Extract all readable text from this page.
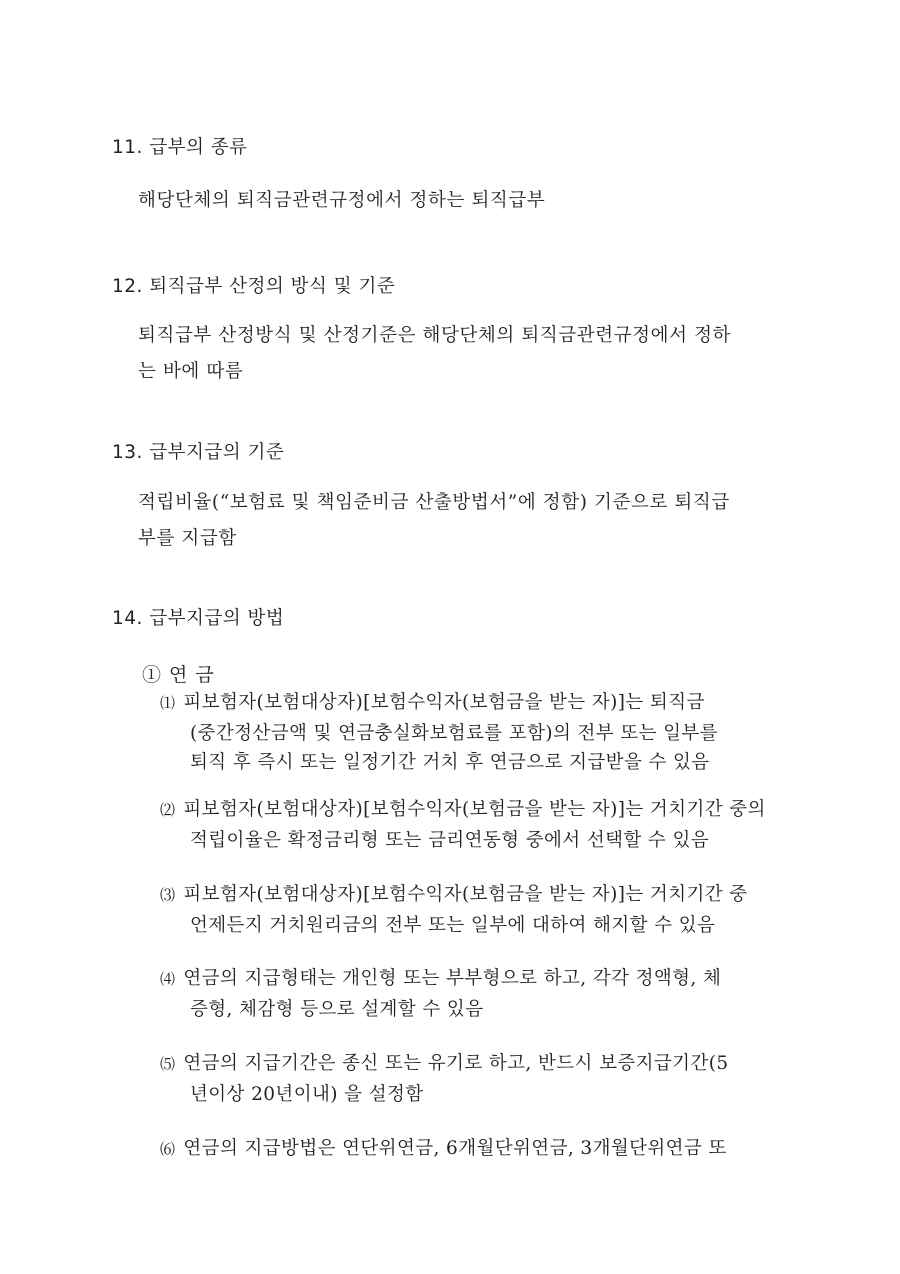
11. 급부의 종류

해당단체의 퇴직금관련규정에서 정하는 퇴직급부

12. 퇴직급부 산정의 방식 및 기준

퇴직급부 산정방식 및 산정기준은 해당단체의 퇴직금관련규정에서 정하
는 바에 따름

13. 급부지급의 기준

적립비율(“보험료 및 책임준비금 산출방법서”에 정함) 기준으로 퇴직급
부를 지급함

14. 급부지급의 방법
① 연 금
⑴ 피보험자(보험대상자)[보험수익자(보험금을 받는 자)]는 퇴직금
(중간정산금액 및 연금충실화보험료를 포함)의 전부 또는 일부를
퇴직 후 즉시 또는 일정기간 거치 후 연금으로 지급받을 수 있음
⑵ 피보험자(보험대상자)[보험수익자(보험금을 받는 자)]는 거치기간 중의
적립이율은 확정금리형 또는 금리연동형 중에서 선택할 수 있음
⑶ 피보험자(보험대상자)[보험수익자(보험금을 받는 자)]는 거치기간 중
언제든지 거치원리금의 전부 또는 일부에 대하여 해지할 수 있음
⑷ 연금의 지급형태는 개인형 또는 부부형으로 하고, 각각 정액형, 체
증형, 체감형 등으로 설계할 수 있음
⑸ 연금의 지급기간은 종신 또는 유기로 하고, 반드시 보증지급기간(5
년이상 20년이내) 을 설정함
⑹ 연금의 지급방법은 연단위연금, 6개월단위연금, 3개월단위연금 또
